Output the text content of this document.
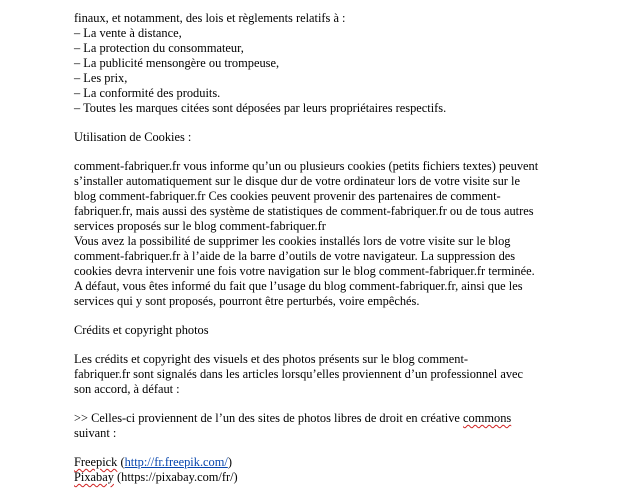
finaux, et notamment, des lois et règlements relatifs à :
– La vente à distance,
– La protection du consommateur,
– La publicité mensongère ou trompeuse,
– Les prix,
– La conformité des produits.
– Toutes les marques citées sont déposées par leurs propriétaires respectifs.
Utilisation de Cookies :
comment-fabriquer.fr vous informe qu’un ou plusieurs cookies (petits fichiers textes) peuvent
s’installer automatiquement sur le disque dur de votre ordinateur lors de votre visite sur le
blog comment-fabriquer.fr Ces cookies peuvent provenir des partenaires de comment-
fabriquer.fr, mais aussi des système de statistiques de comment-fabriquer.fr ou de tous autres
services proposés sur le blog comment-fabriquer.fr
Vous avez la possibilité de supprimer les cookies installés lors de votre visite sur le blog
comment-fabriquer.fr à l’aide de la barre d’outils de votre navigateur. La suppression des
cookies devra intervenir une fois votre navigation sur le blog comment-fabriquer.fr terminée.
A défaut, vous êtes informé du fait que l’usage du blog comment-fabriquer.fr, ainsi que les
services qui y sont proposés, pourront être perturbés, voire empêchés.
Crédits et copyright photos
Les crédits et copyright des visuels et des photos présents sur le blog comment-
fabriquer.fr sont signalés dans les articles lorsqu’elles proviennent d’un professionnel avec
son accord, à défaut :
>> Celles-ci proviennent de l’un des sites de photos libres de droit en créative commons
suivant :
Freepick (http://fr.freepik.com/)
Pixabay (https://pixabay.com/fr/)
